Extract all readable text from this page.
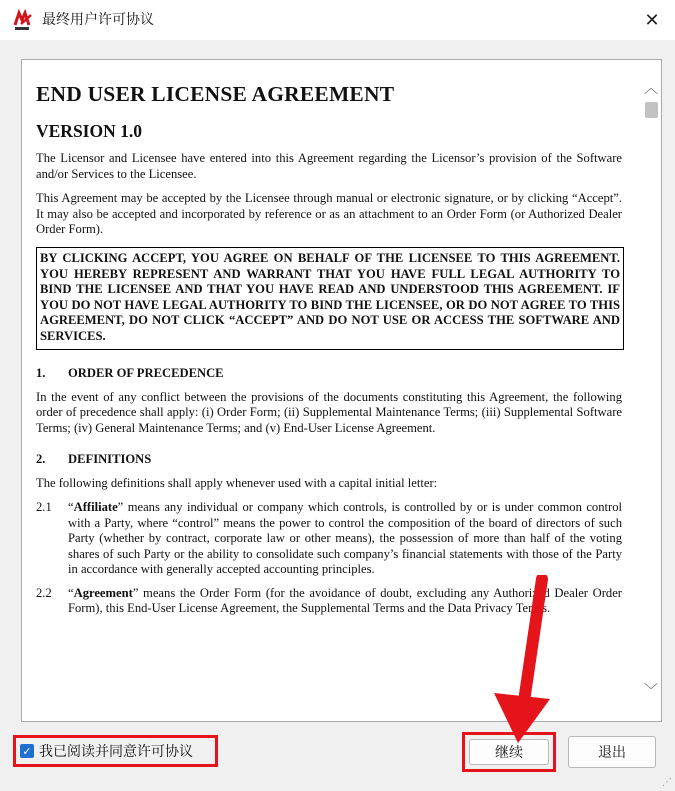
最终用户许可协议	✕
END USER LICENSE AGREEMENT
VERSION 1.0

The Licensor and Licensee have entered into this Agreement regarding the Licensor’s provision of the Software and/or Services to the Licensee.

This Agreement may be accepted by the Licensee through manual or electronic signature, or by clicking “Accept”. It may also be accepted and incorporated by reference or as an attachment to an Order Form (or Authorized Dealer Order Form).

BY CLICKING ACCEPT, YOU AGREE ON BEHALF OF THE LICENSEE TO THIS AGREEMENT. YOU HEREBY REPRESENT AND WARRANT THAT YOU HAVE FULL LEGAL AUTHORITY TO BIND THE LICENSEE AND THAT YOU HAVE READ AND UNDERSTOOD THIS AGREEMENT. IF YOU DO NOT HAVE LEGAL AUTHORITY TO BIND THE LICENSEE, OR DO NOT AGREE TO THIS AGREEMENT, DO NOT CLICK “ACCEPT” AND DO NOT USE OR ACCESS THE SOFTWARE AND SERVICES.
1.	ORDER OF PRECEDENCE

In the event of any conflict between the provisions of the documents constituting this Agreement, the following order of precedence shall apply: (i) Order Form; (ii) Supplemental Maintenance Terms; (iii) Supplemental Software Terms; (iv) General Maintenance Terms; and (v) End-User License Agreement.

2.	DEFINITIONS

The following definitions shall apply whenever used with a capital initial letter:

2.1	“Affiliate” means any individual or company which controls, is controlled by or is under common control with a Party, where “control” means the power to control the composition of the board of directors of such Party (whether by contract, corporate law or other means), the possession of more than half of the voting shares of such Party or the ability to consolidate such company’s financial statements with those of the Party in accordance with generally accepted accounting principles.
2.2	“Agreement” means the Order Form (for the avoidance of doubt, excluding any Authorized Dealer Order Form), this End-User License Agreement, the Supplemental Terms and the Data Privacy Terms.
︿
﹀
✓ 我已阅读并同意许可协议	继续	退出
⋰
